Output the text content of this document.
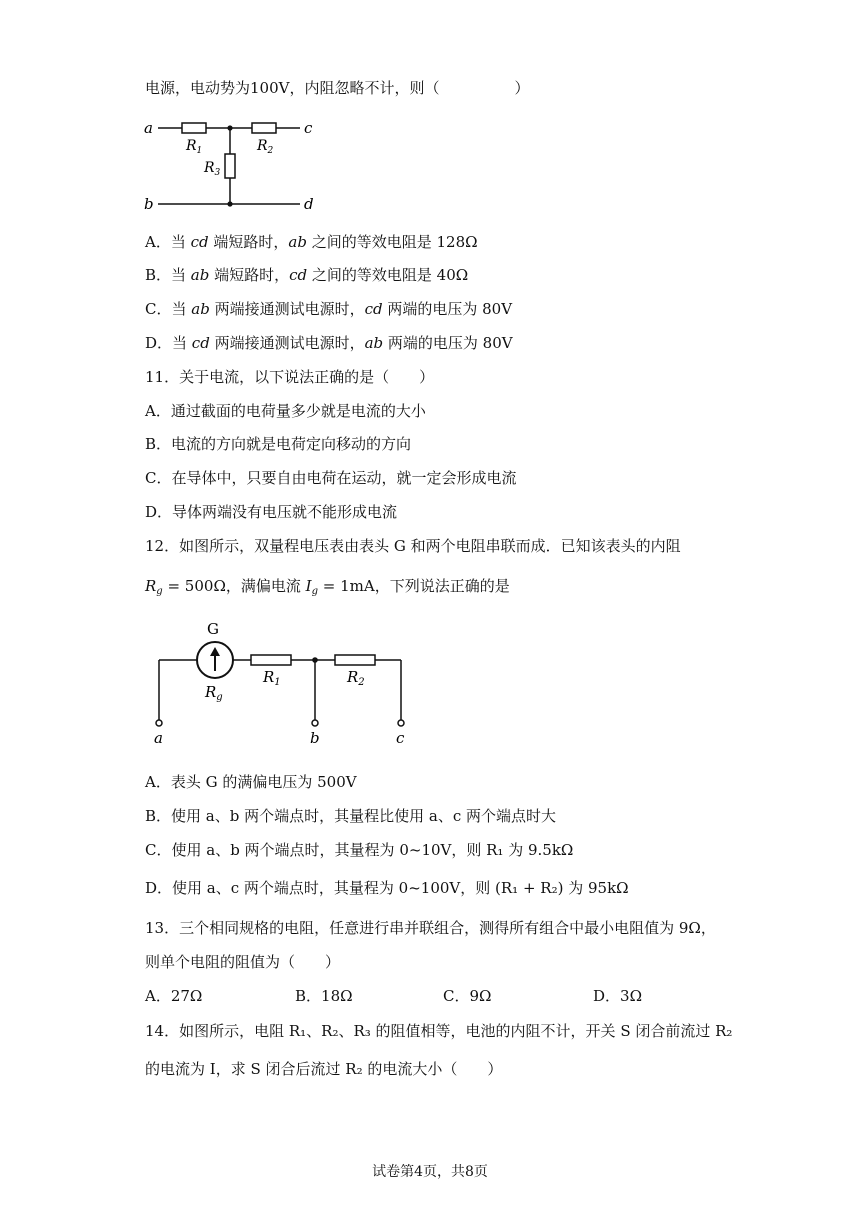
电源，电动势为100V，内阻忽略不计，则（　　　　　）
a	c
b	d
$R_1$	$R_2$
$R_3$
A．当 cd 端短路时，ab 之间的等效电阻是 128Ω
B．当 ab 端短路时，cd 之间的等效电阻是 40Ω
C．当 ab 两端接通测试电源时，cd 两端的电压为 80V
D．当 cd 两端接通测试电源时，ab 两端的电压为 80V
11．关于电流，以下说法正确的是（　　）
A．通过截面的电荷量多少就是电流的大小
B．电流的方向就是电荷定向移动的方向
C．在导体中，只要自由电荷在运动，就一定会形成电流
D．导体两端没有电压就不能形成电流
12．如图所示，双量程电压表由表头 G 和两个电阻串联而成．已知该表头的内阻
$R_g = 500\Omega$，满偏电流 $I_g = 1mA$，下列说法正确的是
G
$R_g$
$R_1$	$R_2$
a	b	c
A．表头 G 的满偏电压为 500V
B．使用 a、b 两个端点时，其量程比使用 a、c 两个端点时大
C．使用 a、b 两个端点时，其量程为 0~10V，则 R₁ 为 9.5kΩ
D．使用 a、c 两个端点时，其量程为 0~100V，则 (R₁ + R₂) 为 95kΩ
13．三个相同规格的电阻，任意进行串并联组合，测得所有组合中最小电阻值为 9Ω，
则单个电阻的阻值为（　　）
A．27Ω	B．18Ω	C．9Ω	D．3Ω
14．如图所示，电阻 R₁、R₂、R₃ 的阻值相等，电池的内阻不计，开关 S 闭合前流过 R₂
的电流为 I，求 S 闭合后流过 R₂ 的电流大小（　　）
试卷第4页，共8页
